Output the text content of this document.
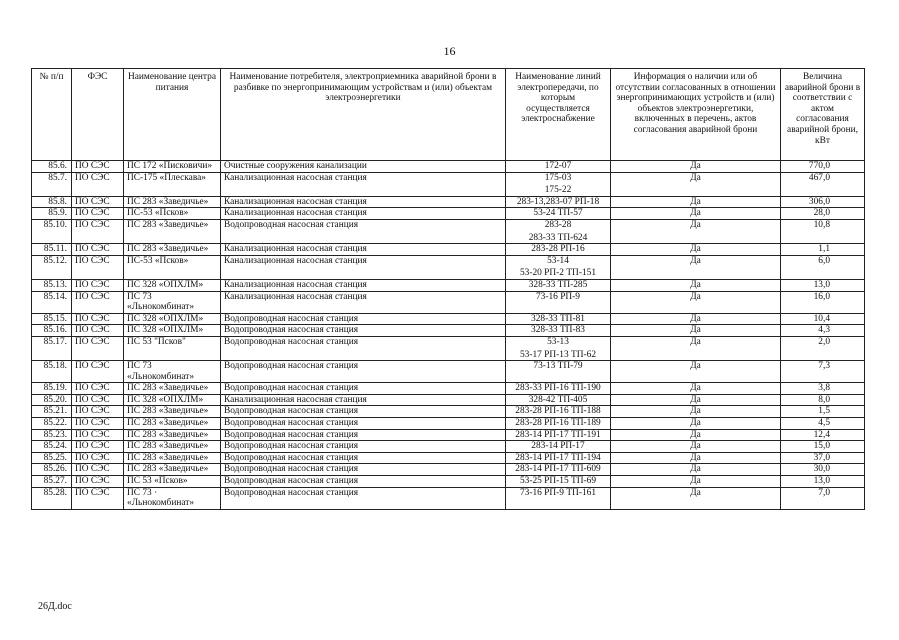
16
№ п/п	ФЭС	Наименование центра питания	Наименование потребителя, электроприемника аварийной брони в разбивке по энергопринимающим устройствам и (или) объектам электроэнергетики	Наименование линий электропередачи, по которым осуществляется электроснабжение	Информация о наличии или об отсутствии согласованных в отношении энергопринимающих устройств и (или) объектов электроэнергетики, включенных в перечень, актов согласования аварийной брони	Величина аварийной брони в соответствии с актом согласования аварийной брони, кВт
85.6.	ПО СЭС	ПС 172 «Писковичи»	Очистные сооружения канализации	172-07	Да	770,0
85.7.	ПО СЭС	ПС-175 «Плескава»	Канализационная насосная станция	175-03
175-22	Да	467,0
85.8.	ПО СЭС	ПС 283 «Заведичье»	Канализационная насосная станция	283-13,283-07 РП-18	Да	306,0
85.9.	ПО СЭС	ПС-53 «Псков»	Канализационная насосная станция	53-24 ТП-57	Да	28,0
85.10.	ПО СЭС	ПС 283 «Заведичье»	Водопроводная насосная станция	283-28
283-33 ТП-624	Да	10,8
85.11.	ПО СЭС	ПС 283 «Заведичье»	Канализационная насосная станция	283-28 РП-16	Да	1,1
85.12.	ПО СЭС	ПС-53 «Псков»	Канализационная насосная станция	53-14
53-20 РП-2 ТП-151	Да	6,0
85.13.	ПО СЭС	ПС 328 «ОПХЛМ»	Канализационная насосная станция	328-33 ТП-285	Да	13,0
85.14.	ПО СЭС	ПС 73 «Льнокомбинат»	Канализационная насосная станция	73-16 РП-9	Да	16,0
85.15.	ПО СЭС	ПС 328 «ОПХЛМ»	Водопроводная насосная станция	328-33 ТП-81	Да	10,4
85.16.	ПО СЭС	ПС 328 «ОПХЛМ»	Водопроводная насосная станция	328-33 ТП-83	Да	4,3
85.17.	ПО СЭС	ПС 53 "Псков"	Водопроводная насосная станция	53-13
53-17 РП-13 ТП-62	Да	2,0
85.18.	ПО СЭС	ПС 73 «Льнокомбинат»	Водопроводная насосная станция	73-13 ТП-79	Да	7,3
85.19.	ПО СЭС	ПС 283 «Заведичье»	Водопроводная насосная станция	283-33 РП-16 ТП-190	Да	3,8
85.20.	ПО СЭС	ПС 328 «ОПХЛМ»	Канализационная насосная станция	328-42 ТП-405	Да	8,0
85.21.	ПО СЭС	ПС 283 «Заведичье»	Водопроводная насосная станция	283-28 РП-16 ТП-188	Да	1,5
85.22.	ПО СЭС	ПС 283 «Заведичье»	Водопроводная насосная станция	283-28 РП-16 ТП-189	Да	4,5
85.23.	ПО СЭС	ПС 283 «Заведичье»	Водопроводная насосная станция	283-14 РП-17 ТП-191	Да	12,4
85.24.	ПО СЭС	ПС 283 «Заведичье»	Водопроводная насосная станция	283-14 РП-17	Да	15,0
85.25.	ПО СЭС	ПС 283 «Заведичье»	Водопроводная насосная станция	283-14 РП-17 ТП-194	Да	37,0
85.26.	ПО СЭС	ПС 283 «Заведичье»	Водопроводная насосная станция	283-14 РП-17 ТП-609	Да	30,0
85.27.	ПО СЭС	ПС 53 «Псков»	Водопроводная насосная станция	53-25 РП-15 ТП-69	Да	13,0
85.28.	ПО СЭС	ПС 73 · «Льнокомбинат»	Водопроводная насосная станция	73-16 РП-9 ТП-161	Да	7,0
26Д.doc
